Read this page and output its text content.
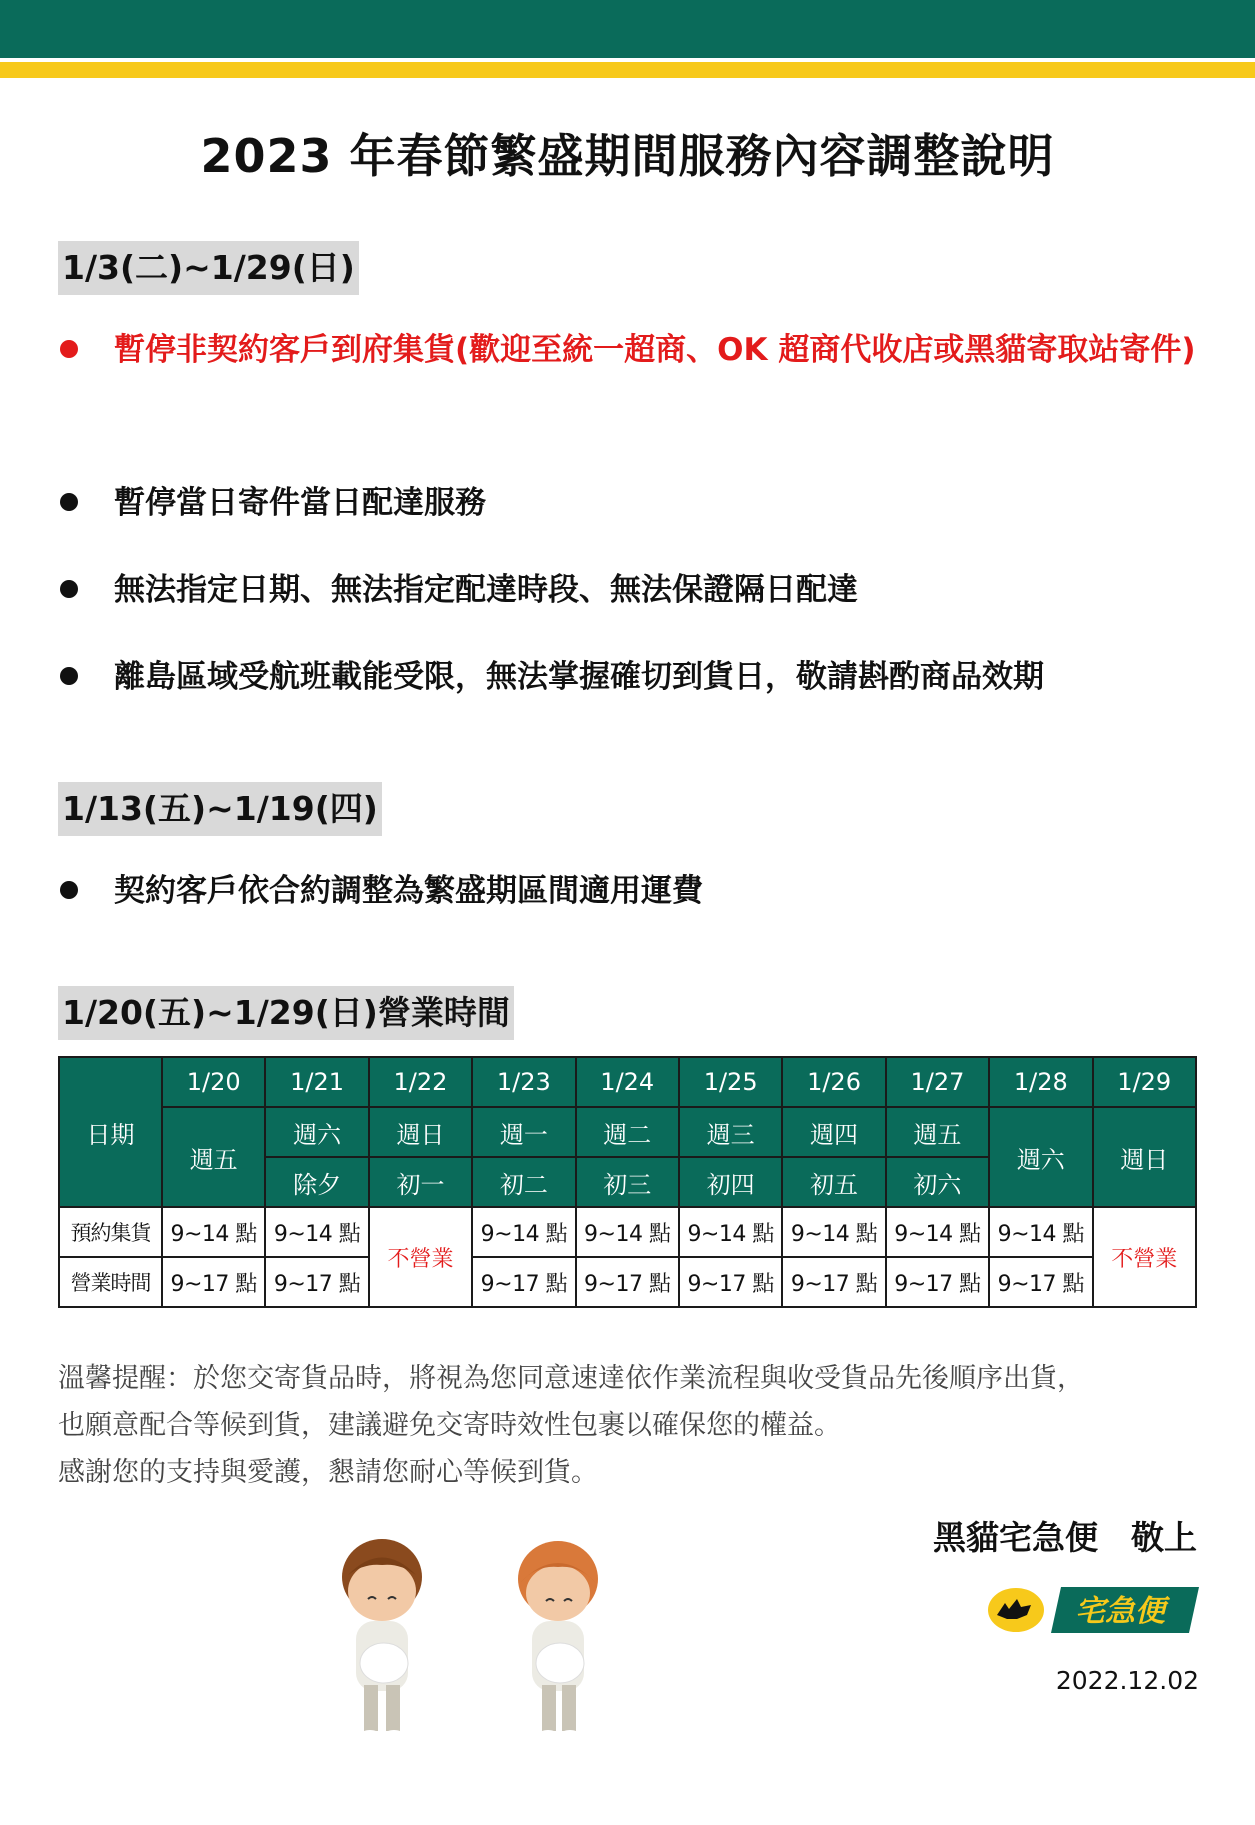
2023 年春節繁盛期間服務內容調整說明
1/3(二)~1/29(日)
暫停非契約客戶到府集貨(歡迎至統一超商、OK 超商代收店或黑貓寄取站寄件)
暫停當日寄件當日配達服務
無法指定日期、無法指定配達時段、無法保證隔日配達
離島區域受航班載能受限，無法掌握確切到貨日，敬請斟酌商品效期
1/13(五)~1/19(四)
契約客戶依合約調整為繁盛期區間適用運費
1/20(五)~1/29(日)營業時間
日期	1/20	1/21	1/22	1/23	1/24	1/25	1/26	1/27	1/28	1/29
	週五	週六	週日	週一	週二	週三	週四	週五	週六	週日
		除夕	初一	初二	初三	初四	初五	初六		
預約集貨	9~14 點	9~14 點	不營業	9~14 點	9~14 點	9~14 點	9~14 點	9~14 點	9~14 點	不營業
營業時間	9~17 點	9~17 點		9~17 點	9~17 點	9~17 點	9~17 點	9~17 點	9~17 點	
溫馨提醒：於您交寄貨品時，將視為您同意速達依作業流程與收受貨品先後順序出貨，
也願意配合等候到貨，建議避免交寄時效性包裹以確保您的權益。
感謝您的支持與愛護，懇請您耐心等候到貨。
黑貓宅急便　敬上
宅急便
2022.12.02
